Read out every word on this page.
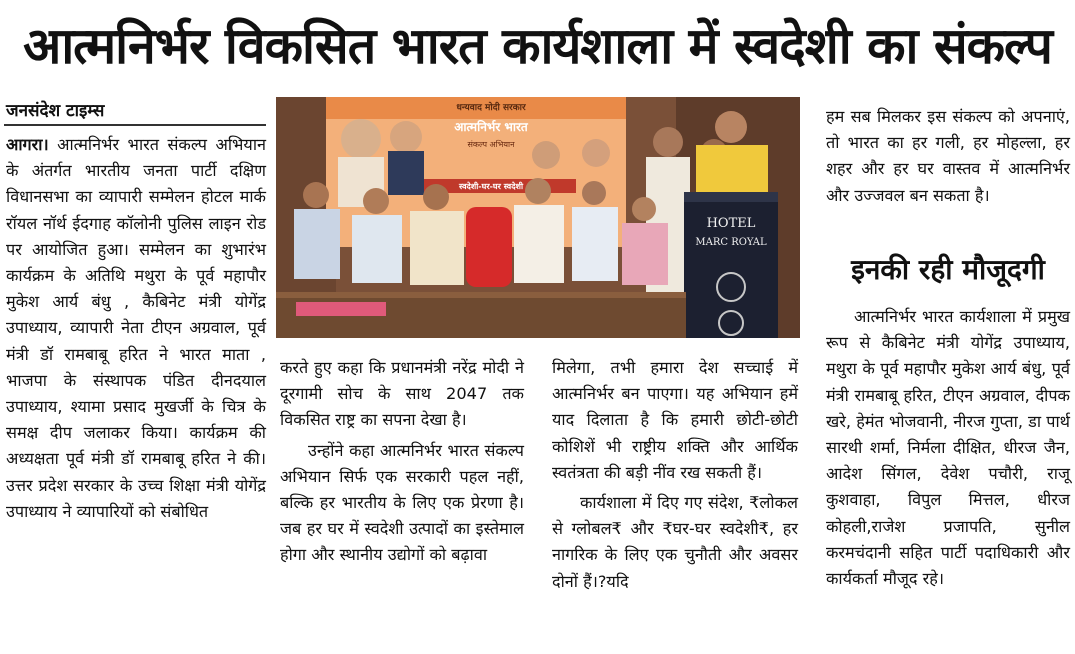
आत्मनिर्भर विकसित भारत कार्यशाला में स्वदेशी का संकल्प
जनसंदेश टाइम्स

आगरा। आत्मनिर्भर भारत संकल्प अभियान के अंतर्गत भारतीय जनता पार्टी दक्षिण विधानसभा का व्यापारी सम्मेलन होटल मार्क रॉयल नॉर्थ ईदगाह कॉलोनी पुलिस लाइन रोड पर आयोजित हुआ। सम्मेलन का शुभारंभ कार्यक्रम के अतिथि मथुरा के पूर्व महापौर मुकेश आर्य बंधु , कैबिनेट मंत्री योगेंद्र उपाध्याय, व्यापारी नेता टीएन अग्रवाल, पूर्व मंत्री डॉ रामबाबू हरित ने भारत माता , भाजपा के संस्थापक पंडित दीनदयाल उपाध्याय, श्यामा प्रसाद मुखर्जी के चित्र के समक्ष दीप जलाकर किया। कार्यक्रम की अध्यक्षता पूर्व मंत्री डॉ रामबाबू हरित ने की। उत्तर प्रदेश सरकार के उच्च शिक्षा मंत्री योगेंद्र उपाध्याय ने व्यापारियों को संबोधित

धन्यवाद मोदी सरकार
आत्मनिर्भर भारत
संकल्प अभियान
स्वदेशी-घर-घर स्वदेशी
HOTEL
MARC ROYAL

करते हुए कहा कि प्रधानमंत्री नरेंद्र मोदी ने दूरगामी सोच के साथ 2047 तक विकसित राष्ट्र का सपना देखा है।

उन्होंने कहा आत्मनिर्भर भारत संकल्प अभियान सिर्फ एक सरकारी पहल नहीं, बल्कि हर भारतीय के लिए एक प्रेरणा है। जब हर घर में स्वदेशी उत्पादों का इस्तेमाल होगा और स्थानीय उद्योगों को बढ़ावा

मिलेगा, तभी हमारा देश सच्चाई में आत्मनिर्भर बन पाएगा। यह अभियान हमें याद दिलाता है कि हमारी छोटी-छोटी कोशिशें भी राष्ट्रीय शक्ति और आर्थिक स्वतंत्रता की बड़ी नींव रख सकती हैं।

कार्यशाला में दिए गए संदेश, ₹लोकल से ग्लोबल₹ और ₹घर-घर स्वदेशी₹, हर नागरिक के लिए एक चुनौती और अवसर दोनों हैं।?यदि

हम सब मिलकर इस संकल्प को अपनाएं, तो भारत का हर गली, हर मोहल्ला, हर शहर और हर घर वास्तव में आत्मनिर्भर और उज्जवल बन सकता है।

इनकी रही मौजूदगी

आत्मनिर्भर भारत कार्यशाला में प्रमुख रूप से कैबिनेट मंत्री योगेंद्र उपाध्याय, मथुरा के पूर्व महापौर मुकेश आर्य बंधु, पूर्व मंत्री रामबाबू हरित, टीएन अग्रवाल, दीपक खरे, हेमंत भोजवानी, नीरज गुप्ता, डा पार्थ सारथी शर्मा, निर्मला दीक्षित, धीरज जैन, आदेश सिंगल, देवेश पचौरी, राजू कुशवाहा, विपुल मित्तल, धीरज कोहली,राजेश प्रजापति, सुनील करमचंदानी सहित पार्टी पदाधिकारी और कार्यकर्ता मौजूद रहे।
